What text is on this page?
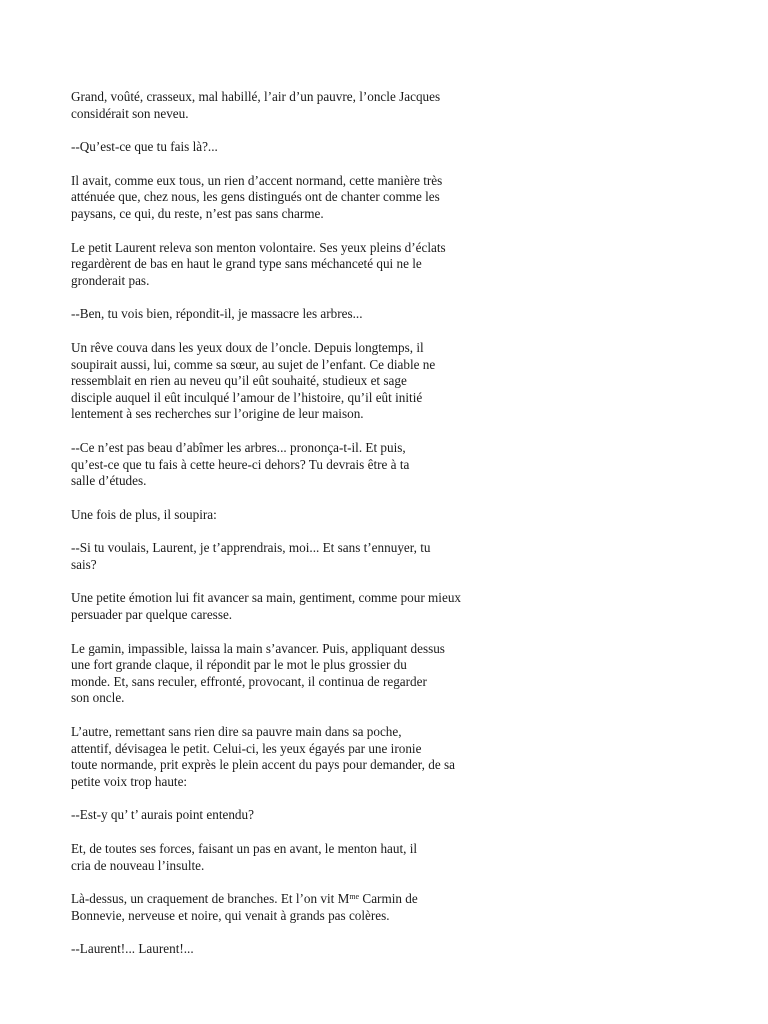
Grand, voûté, crasseux, mal habillé, l’air d’un pauvre, l’oncle Jacques
considérait son neveu.

--Qu’est-ce que tu fais là?...

Il avait, comme eux tous, un rien d’accent normand, cette manière très
atténuée que, chez nous, les gens distingués ont de chanter comme les
paysans, ce qui, du reste, n’est pas sans charme.

Le petit Laurent releva son menton volontaire. Ses yeux pleins d’éclats
regardèrent de bas en haut le grand type sans méchanceté qui ne le
gronderait pas.

--Ben, tu vois bien, répondit-il, je massacre les arbres...

Un rêve couva dans les yeux doux de l’oncle. Depuis longtemps, il
soupirait aussi, lui, comme sa sœur, au sujet de l’enfant. Ce diable ne
ressemblait en rien au neveu qu’il eût souhaité, studieux et sage
disciple auquel il eût inculqué l’amour de l’histoire, qu’il eût initié
lentement à ses recherches sur l’origine de leur maison.

--Ce n’est pas beau d’abîmer les arbres... prononça-t-il. Et puis,
qu’est-ce que tu fais à cette heure-ci dehors? Tu devrais être à ta
salle d’études.

Une fois de plus, il soupira:

--Si tu voulais, Laurent, je t’apprendrais, moi... Et sans t’ennuyer, tu
sais?

Une petite émotion lui fit avancer sa main, gentiment, comme pour mieux
persuader par quelque caresse.

Le gamin, impassible, laissa la main s’avancer. Puis, appliquant dessus
une fort grande claque, il répondit par le mot le plus grossier du
monde. Et, sans reculer, effronté, provocant, il continua de regarder
son oncle.

L’autre, remettant sans rien dire sa pauvre main dans sa poche,
attentif, dévisagea le petit. Celui-ci, les yeux égayés par une ironie
toute normande, prit exprès le plein accent du pays pour demander, de sa
petite voix trop haute:

--Est-y qu’ t’ aurais point entendu?

Et, de toutes ses forces, faisant un pas en avant, le menton haut, il
cria de nouveau l’insulte.

Là-dessus, un craquement de branches. Et l’on vit $M^{me}$ Carmin de
Bonnevie, nerveuse et noire, qui venait à grands pas colères.

--Laurent!... Laurent!...
